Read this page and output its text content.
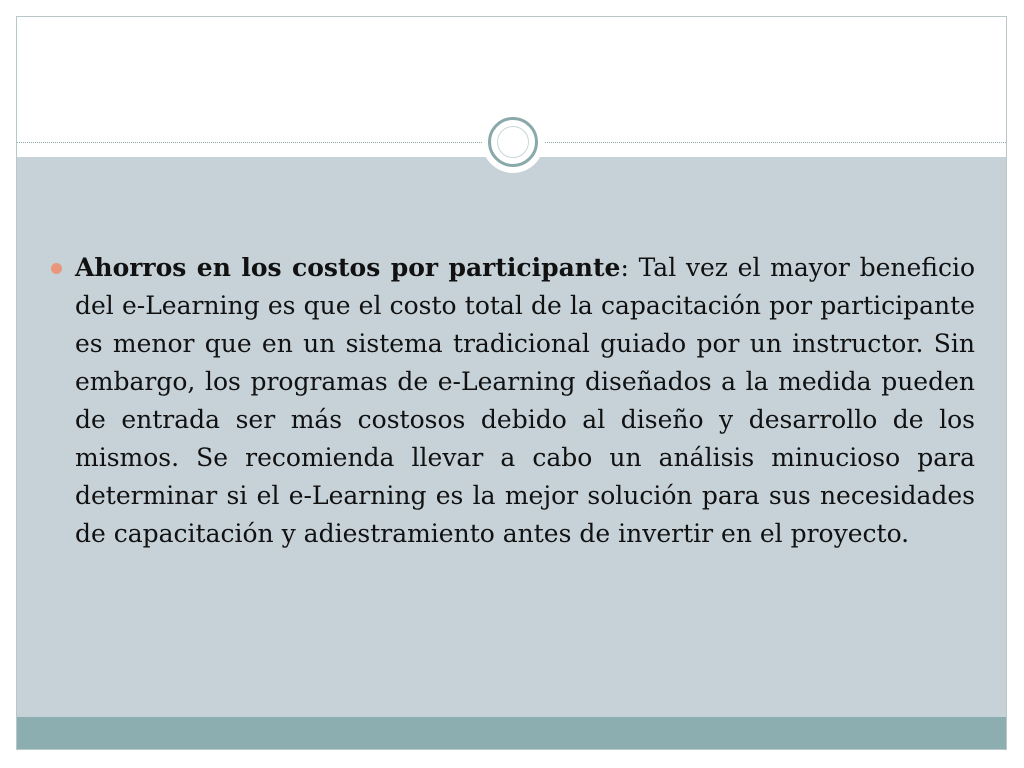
Ahorros en los costos por participante: Tal vez el mayor beneficio del e-Learning es que el costo total de la capacitación por participante es menor que en un sistema tradicional guiado por un instructor. Sin embargo, los programas de e-Learning diseñados a la medida pueden de entrada ser más costosos debido al diseño y desarrollo de los mismos. Se recomienda llevar a cabo un análisis minucioso para determinar si el e-Learning es la mejor solución para sus necesidades de capacitación y adiestramiento antes de invertir en el proyecto.
